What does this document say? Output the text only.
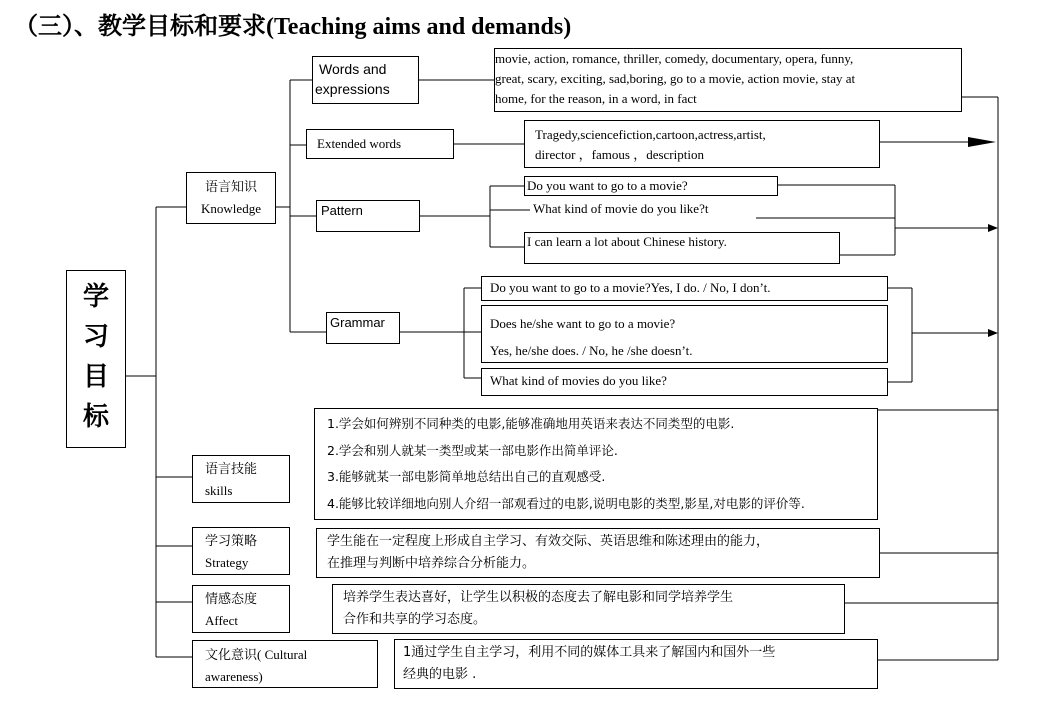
（三）、教学目标和要求(Teaching aims and demands)
学
习
目
标
语言知识
Knowledge
语言技能
skills
学习策略
Strategy
情感态度
Affect
文化意识( Cultural
awareness)
Words and
expressions
Extended words
Pattern
Grammar
movie, action, romance, thriller, comedy, documentary, opera, funny,
great, scary, exciting, sad,boring, go to a movie, action movie, stay at
home, for the reason, in a word, in fact
Tragedy,sciencefiction,cartoon,actress,artist,
director ，famous ，description
Do you want to go to a movie?
What kind of movie do you like?t
I can learn a lot about Chinese history.
Do you want to go to a movie?Yes, I do. / No, I don’t.
Does he/she want to go to a movie?
Yes, he/she does. / No, he /she doesn’t.
What kind of movies do you like?
1.学会如何辨别不同种类的电影,能够准确地用英语来表达不同类型的电影.
2.学会和别人就某一类型或某一部电影作出简单评论.
3.能够就某一部电影简单地总结出自己的直观感受.
4.能够比较详细地向别人介绍一部观看过的电影,说明电影的类型,影星,对电影的评价等.
学生能在一定程度上形成自主学习、有效交际、英语思维和陈述理由的能力，
在推理与判断中培养综合分析能力。
培养学生表达喜好，让学生以积极的态度去了解电影和同学培养学生
合作和共享的学习态度。
1通过学生自主学习，利用不同的媒体工具来了解国内和国外一些
经典的电影 .
